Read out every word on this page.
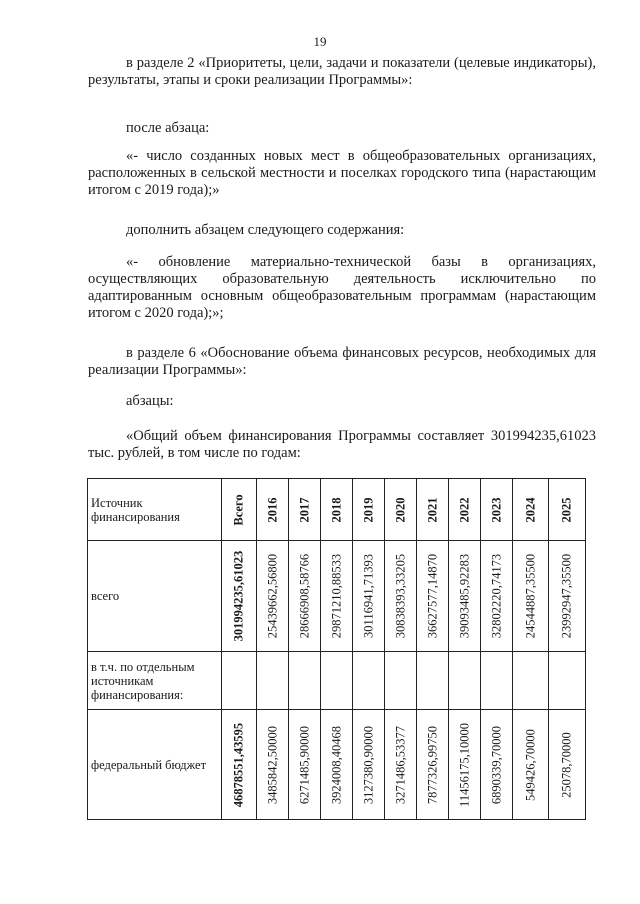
19

в разделе 2 «Приоритеты, цели, задачи и показатели (целевые индикаторы), результаты, этапы и сроки реализации Программы»:

после абзаца:

«- число созданных новых мест в общеобразовательных организациях, расположенных в сельской местности и поселках городского типа (нарастающим итогом с 2019 года);»

дополнить абзацем следующего содержания:

«- обновление материально-технической базы в организациях, осуществляющих образовательную деятельность исключительно по адаптированным основным общеобразовательным программам (нарастающим итогом с 2020 года);»;

в разделе 6 «Обоснование объема финансовых ресурсов, необходимых для реализации Программы»:

абзацы:

«Общий объем финансирования Программы составляет 301994235,61023 тыс. рублей, в том числе по годам:

Источник финансирования	Всего	2016	2017	2018	2019	2020	2021	2022	2023	2024	2025

всего	301994235,61023	25439662,56800	28666908,58766	29871210,88533	30116941,71393	30838393,33205	36627577,14870	39093485,92283	32802220,74173	24544887,35500	23992947,35500

в т.ч. по отдельным источникам финансирования:											
федеральный бюджет	46878551,43595	3485842,50000	6271485,90000	3924008,40468	3127380,90000	3271486,53377	7877326,99750	11456175,10000	6890339,70000	549426,70000	25078,70000
